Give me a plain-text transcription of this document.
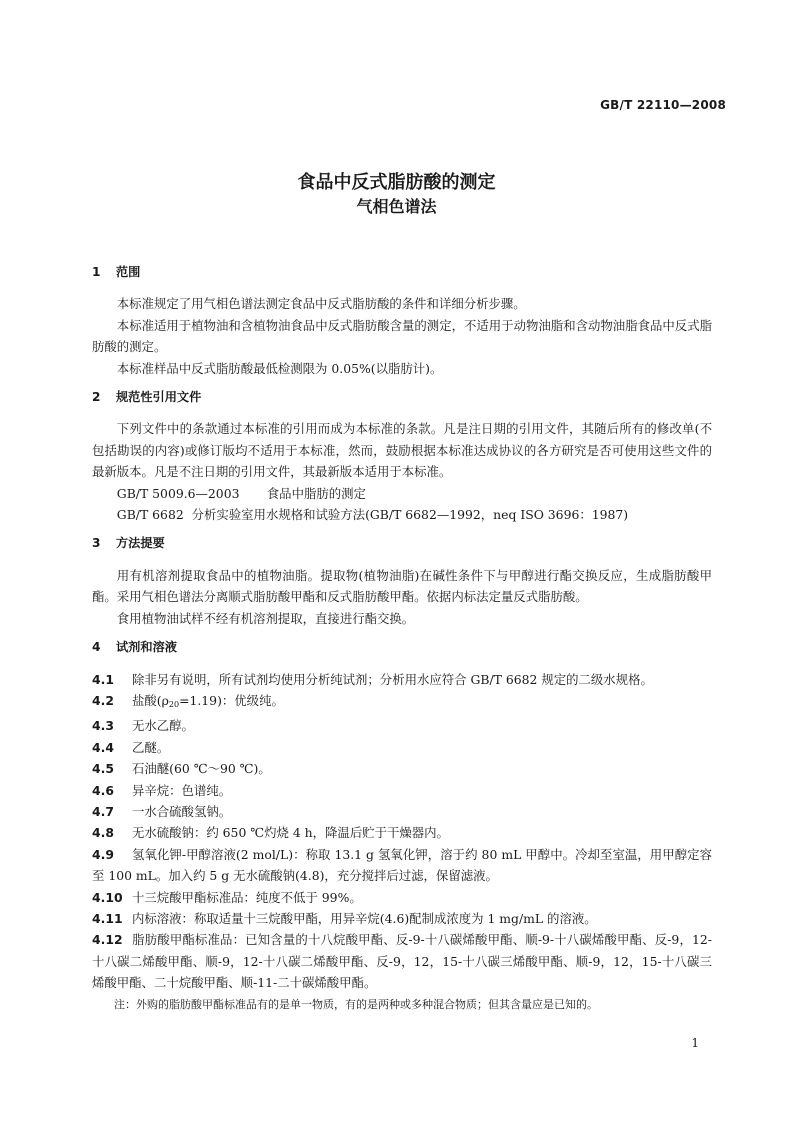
GB/T 22110—2008
食品中反式脂肪酸的测定
气相色谱法
1 范围

本标准规定了用气相色谱法测定食品中反式脂肪酸的条件和详细分析步骤。

本标准适用于植物油和含植物油食品中反式脂肪酸含量的测定，不适用于动物油脂和含动物油脂食品中反式脂肪酸的测定。

本标准样品中反式脂肪酸最低检测限为 0.05%(以脂肪计)。

2 规范性引用文件

下列文件中的条款通过本标准的引用而成为本标准的条款。凡是注日期的引用文件，其随后所有的修改单(不包括勘误的内容)或修订版均不适用于本标准，然而，鼓励根据本标准达成协议的各方研究是否可使用这些文件的最新版本。凡是不注日期的引用文件，其最新版本适用于本标准。

GB/T 5009.6—2003 食品中脂肪的测定

GB/T 6682 分析实验室用水规格和试验方法(GB/T 6682—1992，neq ISO 3696：1987)

3 方法提要

用有机溶剂提取食品中的植物油脂。提取物(植物油脂)在碱性条件下与甲醇进行酯交换反应，生成脂肪酸甲酯。采用气相色谱法分离顺式脂肪酸甲酯和反式脂肪酸甲酯。依据内标法定量反式脂肪酸。

食用植物油试样不经有机溶剂提取，直接进行酯交换。

4 试剂和溶液

4.1 除非另有说明，所有试剂均使用分析纯试剂；分析用水应符合 GB/T 6682 规定的二级水规格。

4.2 盐酸(ρ20=1.19)：优级纯。

4.3 无水乙醇。

4.4 乙醚。

4.5 石油醚(60 ℃～90 ℃)。

4.6 异辛烷：色谱纯。

4.7 一水合硫酸氢钠。

4.8 无水硫酸钠：约 650 ℃灼烧 4 h，降温后贮于干燥器内。

4.9 氢氧化钾-甲醇溶液(2 mol/L)：称取 13.1 g 氢氧化钾，溶于约 80 mL 甲醇中。冷却至室温，用甲醇定容至 100 mL。加入约 5 g 无水硫酸钠(4.8)，充分搅拌后过滤，保留滤液。

4.10 十三烷酸甲酯标准品：纯度不低于 99%。

4.11 内标溶液：称取适量十三烷酸甲酯，用异辛烷(4.6)配制成浓度为 1 mg/mL 的溶液。

4.12 脂肪酸甲酯标准品：已知含量的十八烷酸甲酯、反-9-十八碳烯酸甲酯、顺-9-十八碳烯酸甲酯、反-9，12-十八碳二烯酸甲酯、顺-9，12-十八碳二烯酸甲酯、反-9，12，15-十八碳三烯酸甲酯、顺-9，12，15-十八碳三烯酸甲酯、二十烷酸甲酯、顺-11-二十碳烯酸甲酯。

注：外购的脂肪酸甲酯标准品有的是单一物质，有的是两种或多种混合物质；但其含量应是已知的。

1
